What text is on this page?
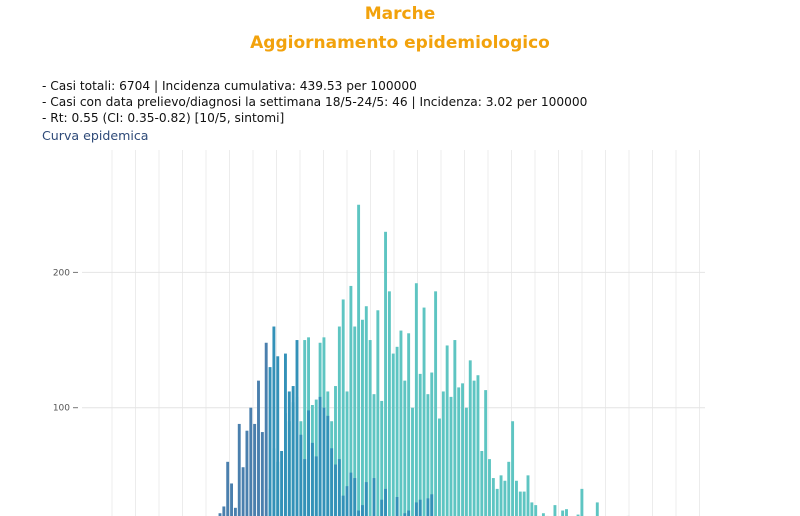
Marche
Aggiornamento epidemiologico
- Casi totali: 6704 | Incidenza cumulativa: 439.53 per 100000
- Casi con data prelievo/diagnosi la settimana 18/5-24/5: 46 | Incidenza: 3.02 per 100000
- Rt: 0.55 (CI: 0.35-0.82) [10/5, sintomi]
Curva epidemica
100
200
